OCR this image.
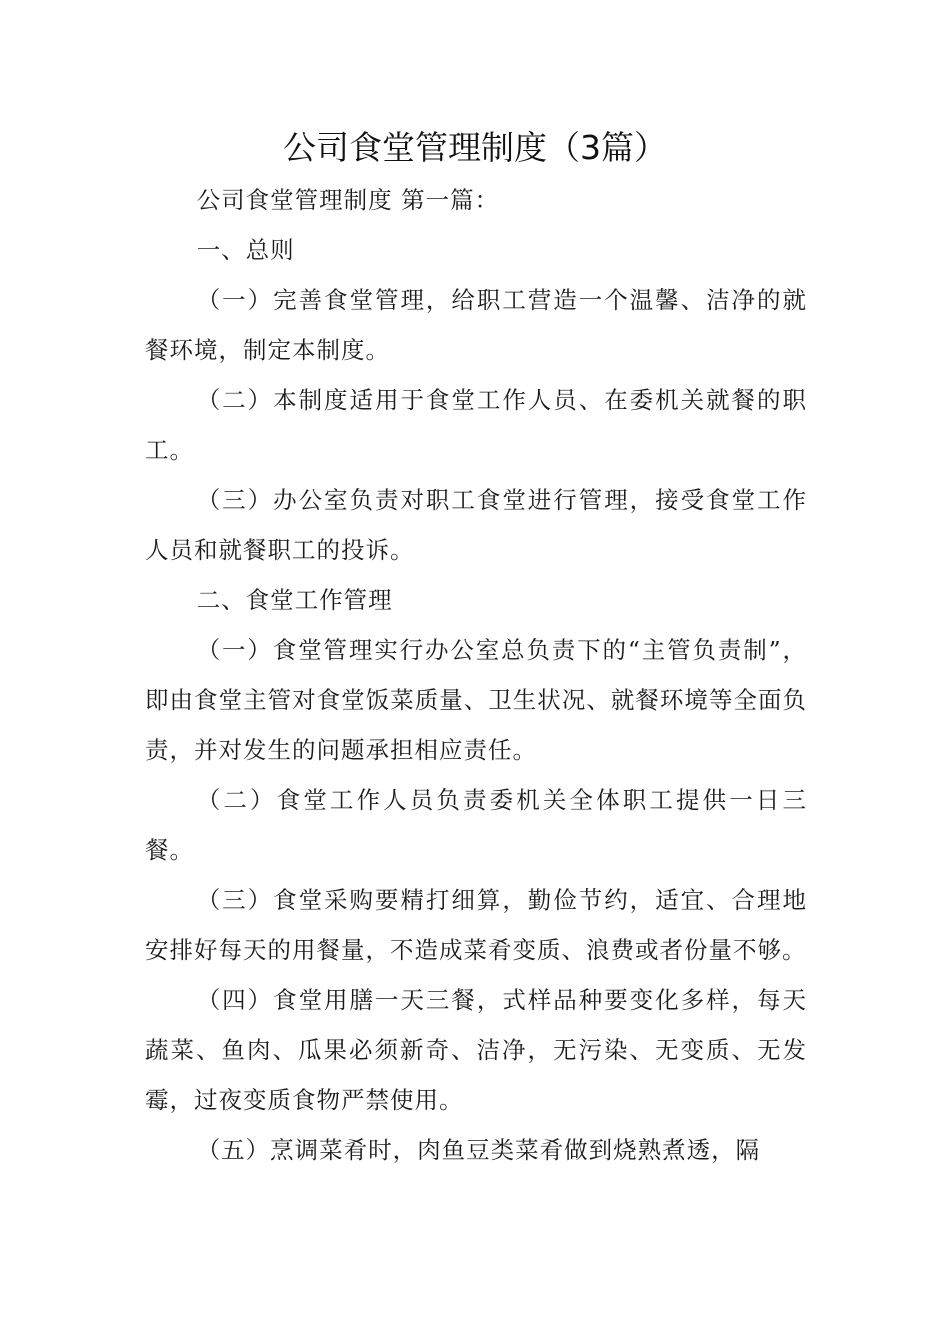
公司食堂管理制度（3篇）

公司食堂管理制度 第一篇：

一、总则

（一）完善食堂管理，给职工营造一个温馨、洁净的就餐环境，制定本制度。

（二）本制度适用于食堂工作人员、在委机关就餐的职工。

（三）办公室负责对职工食堂进行管理，接受食堂工作人员和就餐职工的投诉。

二、食堂工作管理

（一）食堂管理实行办公室总负责下的“主管负责制”，即由食堂主管对食堂饭菜质量、卫生状况、就餐环境等全面负责，并对发生的问题承担相应责任。

（二）食堂工作人员负责委机关全体职工提供一日三餐。

（三）食堂采购要精打细算，勤俭节约，适宜、合理地安排好每天的用餐量，不造成菜肴变质、浪费或者份量不够。

（四）食堂用膳一天三餐，式样品种要变化多样，每天蔬菜、鱼肉、瓜果必须新奇、洁净，无污染、无变质、无发霉，过夜变质食物严禁使用。

（五）烹调菜肴时，肉鱼豆类菜肴做到烧熟煮透，隔
